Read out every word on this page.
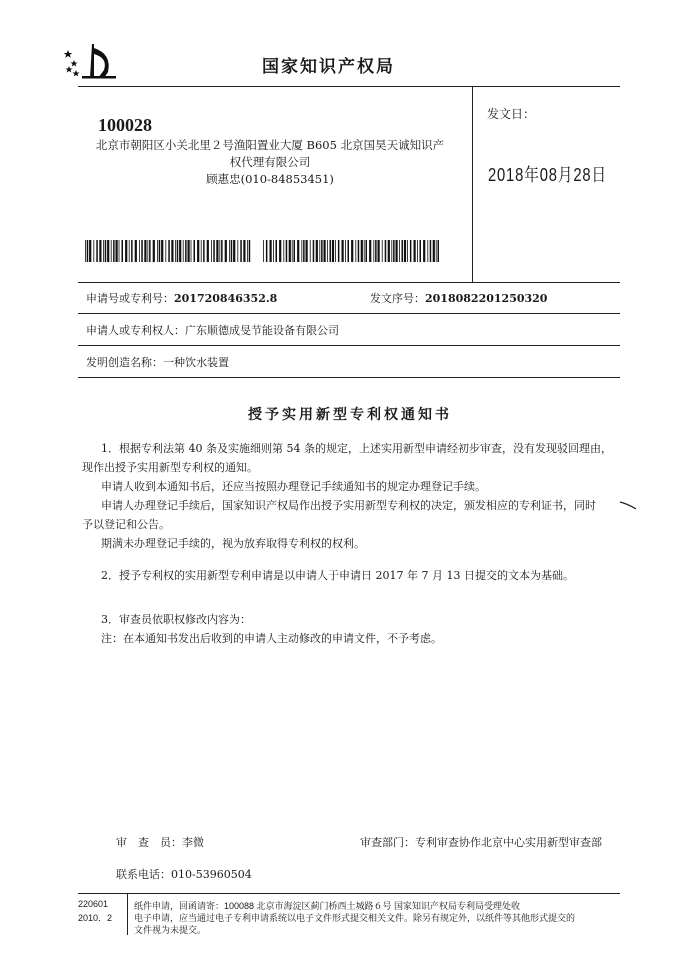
国家知识产权局
100028
北京市朝阳区小关北里２号渔阳置业大厦 B605 北京国昊天诚知识产
权代理有限公司
顾惠忠(010-84853451)
发文日：
2018年08月28日
申请号或专利号：201720846352.8	发文序号：2018082201250320
申请人或专利权人：广东顺德成旻节能设备有限公司
发明创造名称：一种饮水装置
授予实用新型专利权通知书
1．根据专利法第 40 条及实施细则第 54 条的规定，上述实用新型申请经初步审查，没有发现驳回理由，
现作出授予实用新型专利权的通知。
申请人收到本通知书后，还应当按照办理登记手续通知书的规定办理登记手续。
申请人办理登记手续后，国家知识产权局作出授予实用新型专利权的决定，颁发相应的专利证书，同时
予以登记和公告。
期满未办理登记手续的，视为放弃取得专利权的权利。
2．授予专利权的实用新型专利申请是以申请人于申请日 2017 年 7 月 13 日提交的文本为基础。
3．审查员依职权修改内容为：
注：在本通知书发出后收到的申请人主动修改的申请文件，不予考虑。
审　查　员：李微	审查部门：专利审查协作北京中心实用新型审查部
联系电话：010-53960504
220601
2010．2
纸件申请，回函请寄：100088 北京市海淀区蓟门桥西土城路６号 国家知识产权局专利局受理处收
电子申请，应当通过电子专利申请系统以电子文件形式提交相关文件。除另有规定外，以纸件等其他形式提交的
文件视为未提交。
